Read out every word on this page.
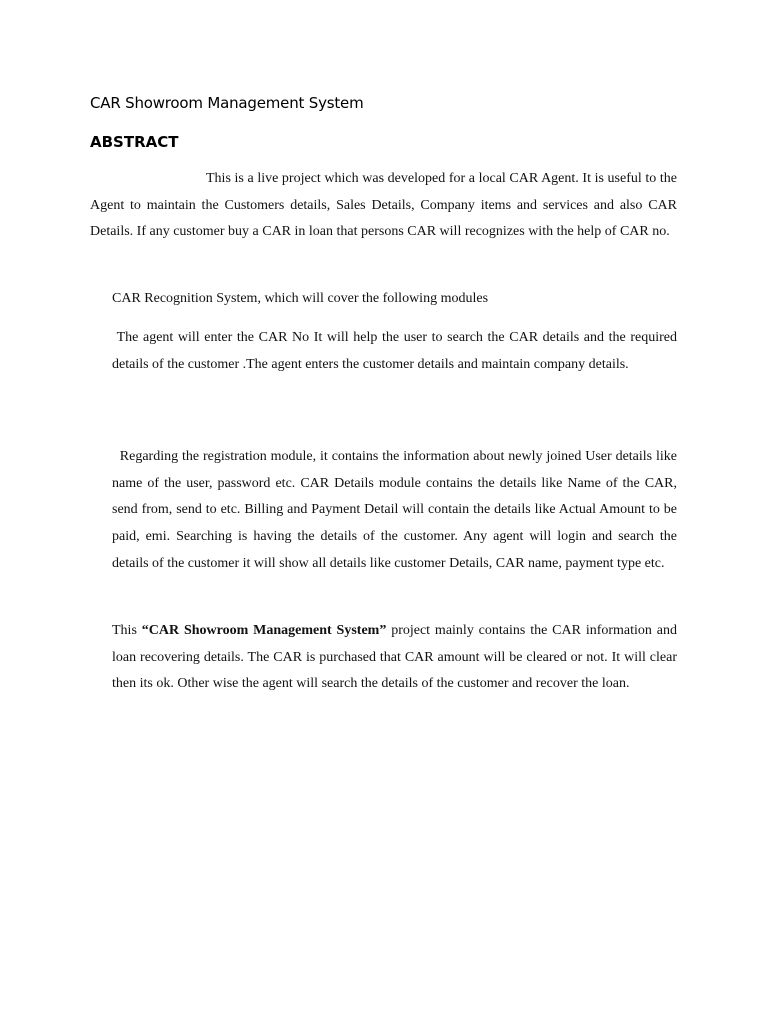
CAR Showroom Management System
ABSTRACT

This is a live project which was developed for a local CAR Agent. It is useful to the Agent to maintain the Customers details, Sales Details, Company items and services and also CAR Details. If any customer buy a CAR in loan that persons CAR will recognizes with the help of CAR no.

CAR Recognition System, which will cover the following modules

The agent will enter the CAR No It will help the user to search the CAR details and the required details of the customer .The agent enters the customer details and maintain company details.

Regarding the registration module, it contains the information about newly joined User details like name of the user, password etc. CAR Details module contains the details like Name of the CAR, send from, send to etc. Billing and Payment Detail will contain the details like Actual Amount to be paid, emi. Searching is having the details of the customer. Any agent will login and search the details of the customer it will show all details like customer Details, CAR name, payment type etc.

This “CAR Showroom Management System” project mainly contains the CAR information and loan recovering details. The CAR is purchased that CAR amount will be cleared or not. It will clear then its ok. Other wise the agent will search the details of the customer and recover the loan.
